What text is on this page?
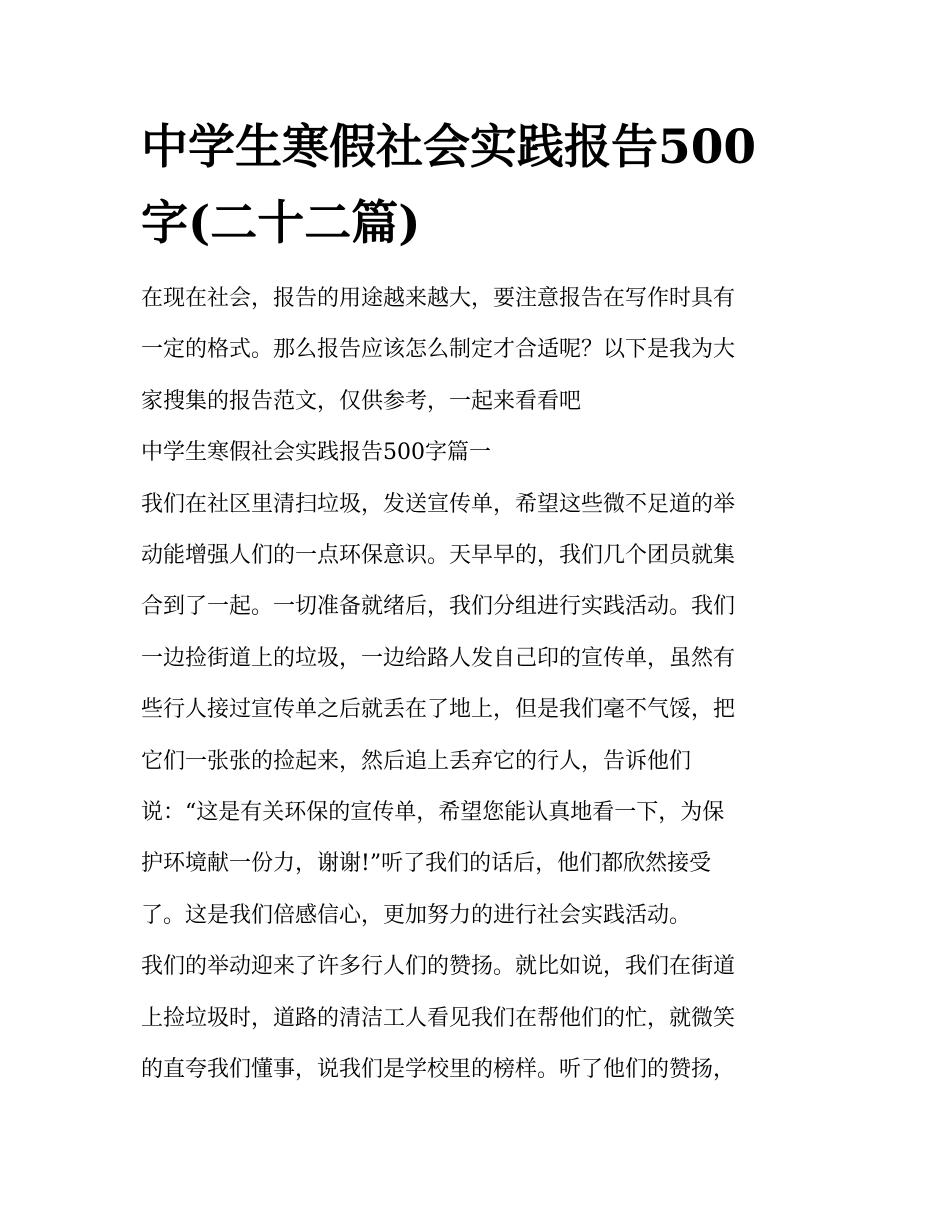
中学生寒假社会实践报告500
字(二十二篇)
在现在社会，报告的用途越来越大，要注意报告在写作时具有
一定的格式。那么报告应该怎么制定才合适呢？以下是我为大
家搜集的报告范文，仅供参考，一起来看看吧
中学生寒假社会实践报告500字篇一
我们在社区里清扫垃圾，发送宣传单，希望这些微不足道的举
动能增强人们的一点环保意识。天早早的，我们几个团员就集
合到了一起。一切准备就绪后，我们分组进行实践活动。我们
一边捡街道上的垃圾，一边给路人发自己印的宣传单，虽然有
些行人接过宣传单之后就丢在了地上，但是我们毫不气馁，把
它们一张张的捡起来，然后追上丢弃它的行人，告诉他们
说：“这是有关环保的宣传单，希望您能认真地看一下，为保
护环境献一份力，谢谢!”听了我们的话后，他们都欣然接受
了。这是我们倍感信心，更加努力的进行社会实践活动。
我们的举动迎来了许多行人们的赞扬。就比如说，我们在街道
上捡垃圾时，道路的清洁工人看见我们在帮他们的忙，就微笑
的直夸我们懂事，说我们是学校里的榜样。听了他们的赞扬，
